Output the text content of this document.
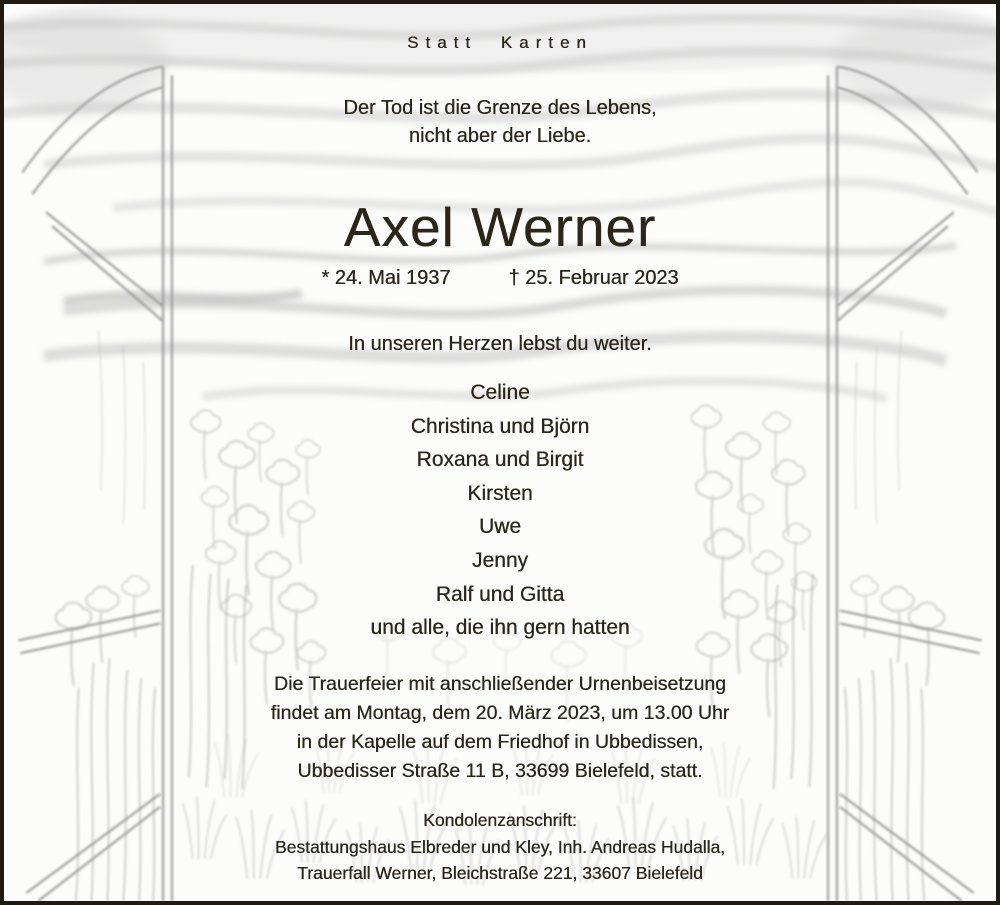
Statt Karten
Der Tod ist die Grenze des Lebens,
nicht aber der Liebe.
Axel Werner
* 24. Mai 1937	† 25. Februar 2023
In unseren Herzen lebst du weiter.
Celine
Christina und Björn
Roxana und Birgit
Kirsten
Uwe
Jenny
Ralf und Gitta
und alle, die ihn gern hatten
Die Trauerfeier mit anschließender Urnenbeisetzung
findet am Montag, dem 20. März 2023, um 13.00 Uhr
in der Kapelle auf dem Friedhof in Ubbedissen,
Ubbedisser Straße 11 B, 33699 Bielefeld, statt.
Kondolenzanschrift:
Bestattungshaus Elbreder und Kley, Inh. Andreas Hudalla,
Trauerfall Werner, Bleichstraße 221, 33607 Bielefeld
